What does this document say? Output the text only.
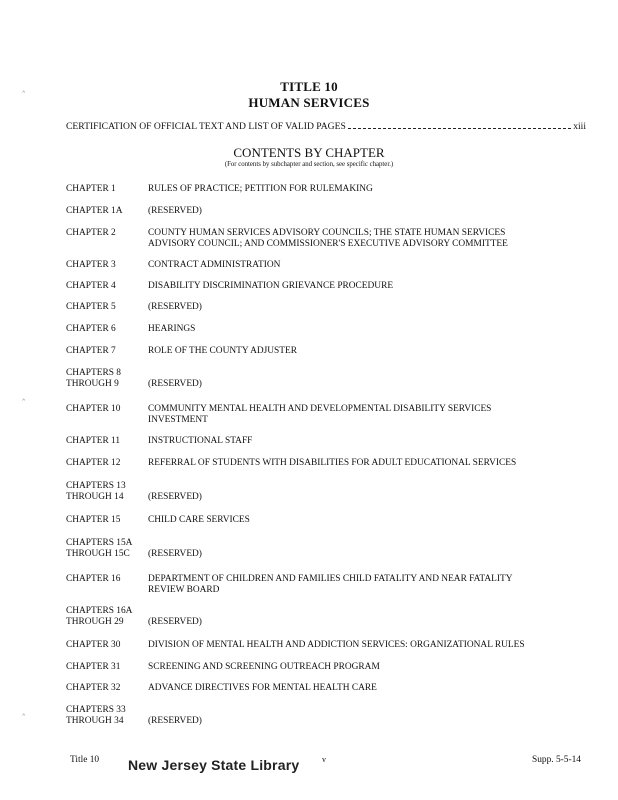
TITLE 10
HUMAN SERVICES
CERTIFICATION OF OFFICIAL TEXT AND LIST OF VALID PAGES	xiii
CONTENTS BY CHAPTER
(For contents by subchapter and section, see specific chapter.)
CHAPTER 1	RULES OF PRACTICE; PETITION FOR RULEMAKING
CHAPTER 1A	(RESERVED)
CHAPTER 2	COUNTY HUMAN SERVICES ADVISORY COUNCILS; THE STATE HUMAN SERVICES ADVISORY COUNCIL; AND COMMISSIONER'S EXECUTIVE ADVISORY COMMITTEE
CHAPTER 3	CONTRACT ADMINISTRATION
CHAPTER 4	DISABILITY DISCRIMINATION GRIEVANCE PROCEDURE
CHAPTER 5	(RESERVED)
CHAPTER 6	HEARINGS
CHAPTER 7	ROLE OF THE COUNTY ADJUSTER
CHAPTERS 8
THROUGH 9	(RESERVED)
CHAPTER 10	COMMUNITY MENTAL HEALTH AND DEVELOPMENTAL DISABILITY SERVICES INVESTMENT
CHAPTER 11	INSTRUCTIONAL STAFF
CHAPTER 12	REFERRAL OF STUDENTS WITH DISABILITIES FOR ADULT EDUCATIONAL SERVICES
CHAPTERS 13
THROUGH 14	(RESERVED)
CHAPTER 15	CHILD CARE SERVICES
CHAPTERS 15A
THROUGH 15C	(RESERVED)
CHAPTER 16	DEPARTMENT OF CHILDREN AND FAMILIES CHILD FATALITY AND NEAR FATALITY REVIEW BOARD
CHAPTERS 16A
THROUGH 29	(RESERVED)
CHAPTER 30	DIVISION OF MENTAL HEALTH AND ADDICTION SERVICES: ORGANIZATIONAL RULES
CHAPTER 31	SCREENING AND SCREENING OUTREACH PROGRAM
CHAPTER 32	ADVANCE DIRECTIVES FOR MENTAL HEALTH CARE
CHAPTERS 33
THROUGH 34	(RESERVED)
Title 10 New Jersey State Library	v	Supp. 5-5-14
‸
‸
‸
